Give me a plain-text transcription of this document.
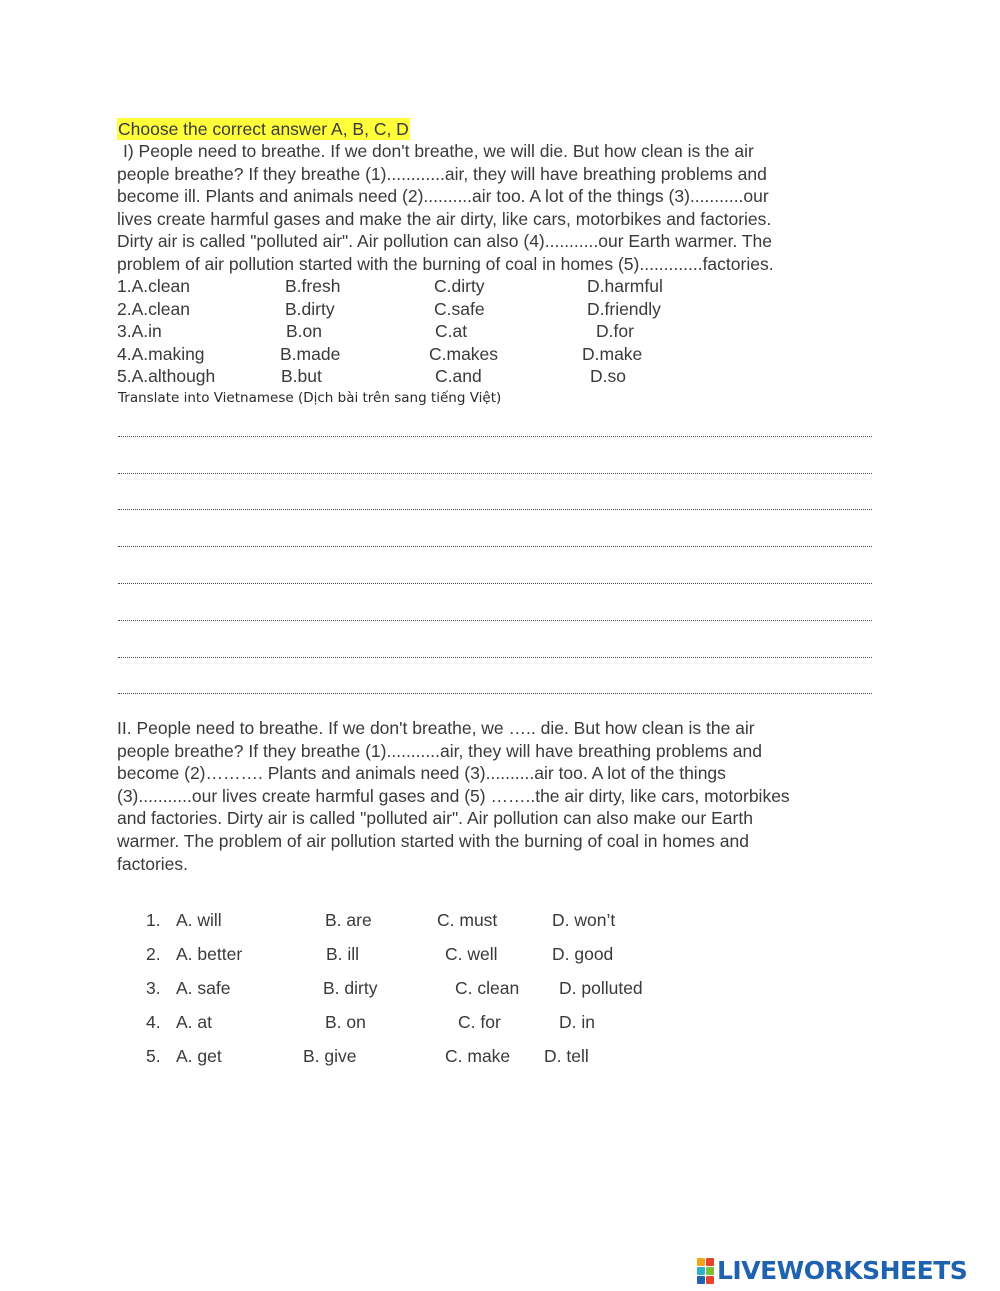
Choose the correct answer A, B, C, D
I) People need to breathe. If we don't breathe, we will die. But how clean is the air
people breathe? If they breathe (1)............air, they will have breathing problems and
become ill. Plants and animals need (2)..........air too. A lot of the things (3)...........our
lives create harmful gases and make the air dirty, like cars, motorbikes and factories.
Dirty air is called "polluted air". Air pollution can also (4)...........our Earth warmer. The
problem of air pollution started with the burning of coal in homes (5).............factories.
1.A.clean	B.fresh	C.dirty	D.harmful
2.A.clean	B.dirty	C.safe	D.friendly
3.A.in	B.on	C.at	D.for
4.A.making	B.made	C.makes	D.make
5.A.although	B.but	C.and	D.so
Translate into Vietnamese (Dịch bài trên sang tiếng Việt)
II. People need to breathe. If we don't breathe, we ….. die. But how clean is the air
people breathe? If they breathe (1)...........air, they will have breathing problems and
become (2)………. Plants and animals need (3)..........air too. A lot of the things
(3)...........our lives create harmful gases and (5) ……..the air dirty, like cars, motorbikes
and factories. Dirty air is called "polluted air". Air pollution can also make our Earth
warmer. The problem of air pollution started with the burning of coal in homes and
factories.
1. A. will	B. are	C. must	D. won’t
2. A. better	B. ill	C. well	D. good
3. A. safe	B. dirty	C. clean D. polluted
4. A. at	B. on	C. for	D. in
5. A. get	B. give	C. make D. tell
LIVEWORKSHEETS
